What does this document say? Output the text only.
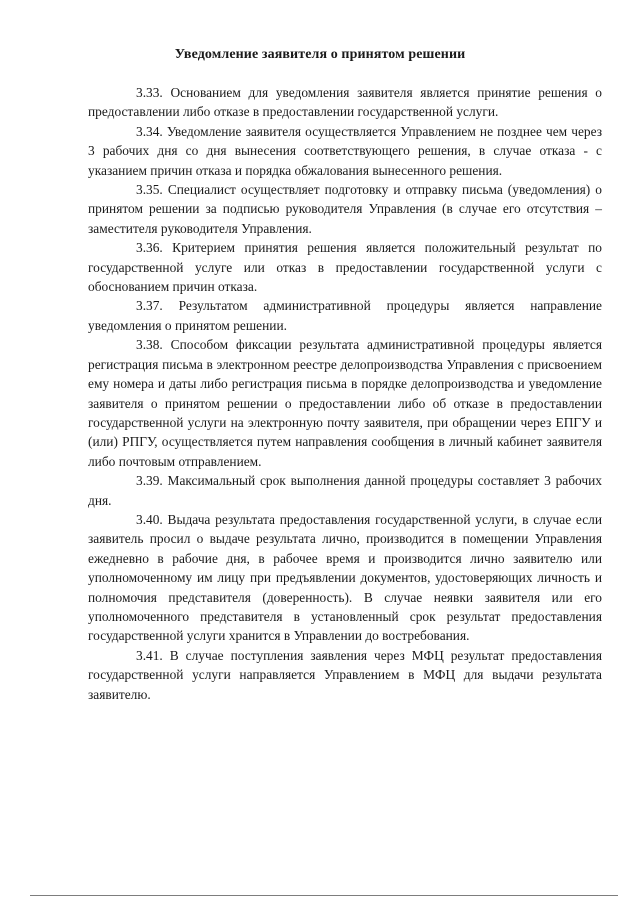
Уведомление заявителя о принятом решении

3.33. Основанием для уведомления заявителя является принятие решения о предоставлении либо отказе в предоставлении государственной услуги.

3.34. Уведомление заявителя осуществляется Управлением не позднее чем через 3 рабочих дня со дня вынесения соответствующего решения, в случае отказа - с указанием причин отказа и порядка обжалования вынесенного решения.

3.35. Специалист осуществляет подготовку и отправку письма (уведомления) о принятом решении за подписью руководителя Управления (в случае его отсутствия – заместителя руководителя Управления.

3.36. Критерием принятия решения является положительный результат по государственной услуге или отказ в предоставлении государственной услуги с обоснованием причин отказа.

3.37. Результатом административной процедуры является направление уведомления о принятом решении.

3.38. Способом фиксации результата административной процедуры является регистрация письма в электронном реестре делопроизводства Управления с присвоением ему номера и даты либо регистрация письма в порядке делопроизводства и уведомление заявителя о принятом решении о предоставлении либо об отказе в предоставлении государственной услуги на электронную почту заявителя, при обращении через ЕПГУ и (или) РПГУ, осуществляется путем направления сообщения в личный кабинет заявителя либо почтовым отправлением.

3.39. Максимальный срок выполнения данной процедуры составляет 3 рабочих дня.

3.40. Выдача результата предоставления государственной услуги, в случае если заявитель просил о выдаче результата лично, производится в помещении Управления ежедневно в рабочие дня, в рабочее время и производится лично заявителю или уполномоченному им лицу при предъявлении документов, удостоверяющих личность и полномочия представителя (доверенность). В случае неявки заявителя или его уполномоченного представителя в установленный срок результат предоставления государственной услуги хранится в Управлении до востребования.

3.41. В случае поступления заявления через МФЦ результат предоставления государственной услуги направляется Управлением в МФЦ для выдачи результата заявителю.
